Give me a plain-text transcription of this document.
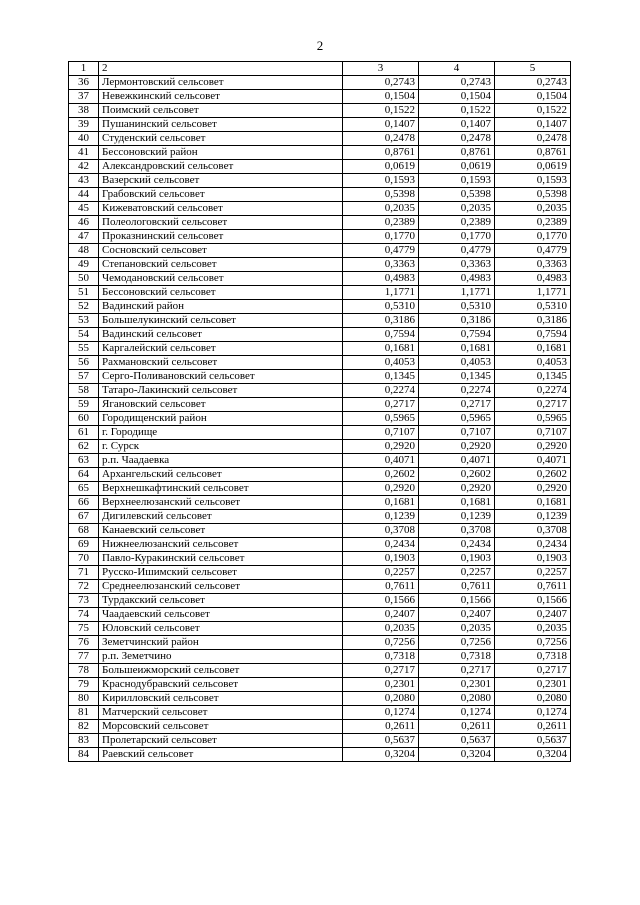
2
1	2	3	4	5
36	Лермонтовский сельсовет	0,2743	0,2743	0,2743
37	Невежкинский сельсовет	0,1504	0,1504	0,1504
38	Поимский сельсовет	0,1522	0,1522	0,1522
39	Пушанинский сельсовет	0,1407	0,1407	0,1407
40	Студенский сельсовет	0,2478	0,2478	0,2478
41	Бессоновский район	0,8761	0,8761	0,8761
42	Александровский сельсовет	0,0619	0,0619	0,0619
43	Вазерский сельсовет	0,1593	0,1593	0,1593
44	Грабовский сельсовет	0,5398	0,5398	0,5398
45	Кижеватовский сельсовет	0,2035	0,2035	0,2035
46	Полеологовский сельсовет	0,2389	0,2389	0,2389
47	Проказнинский сельсовет	0,1770	0,1770	0,1770
48	Сосновский сельсовет	0,4779	0,4779	0,4779
49	Степановский сельсовет	0,3363	0,3363	0,3363
50	Чемодановский сельсовет	0,4983	0,4983	0,4983
51	Бессоновский сельсовет	1,1771	1,1771	1,1771
52	Вадинский район	0,5310	0,5310	0,5310
53	Большелукинский сельсовет	0,3186	0,3186	0,3186
54	Вадинский сельсовет	0,7594	0,7594	0,7594
55	Каргалейский сельсовет	0,1681	0,1681	0,1681
56	Рахмановский сельсовет	0,4053	0,4053	0,4053
57	Серго-Поливановский сельсовет	0,1345	0,1345	0,1345
58	Татаро-Лакинский сельсовет	0,2274	0,2274	0,2274
59	Ягановский сельсовет	0,2717	0,2717	0,2717
60	Городищенский район	0,5965	0,5965	0,5965
61	г. Городище	0,7107	0,7107	0,7107
62	г. Сурск	0,2920	0,2920	0,2920
63	р.п. Чаадаевка	0,4071	0,4071	0,4071
64	Архангельский сельсовет	0,2602	0,2602	0,2602
65	Верхнешкафтинский сельсовет	0,2920	0,2920	0,2920
66	Верхнеелюзанский сельсовет	0,1681	0,1681	0,1681
67	Дигилевский сельсовет	0,1239	0,1239	0,1239
68	Канаевский сельсовет	0,3708	0,3708	0,3708
69	Нижнеелюзанский сельсовет	0,2434	0,2434	0,2434
70	Павло-Куракинский сельсовет	0,1903	0,1903	0,1903
71	Русско-Ишимский сельсовет	0,2257	0,2257	0,2257
72	Среднеелюзанский сельсовет	0,7611	0,7611	0,7611
73	Турдакский сельсовет	0,1566	0,1566	0,1566
74	Чаадаевский сельсовет	0,2407	0,2407	0,2407
75	Юловский сельсовет	0,2035	0,2035	0,2035
76	Земетчинский район	0,7256	0,7256	0,7256
77	р.п. Земетчино	0,7318	0,7318	0,7318
78	Большеижморский сельсовет	0,2717	0,2717	0,2717
79	Краснодубравский сельсовет	0,2301	0,2301	0,2301
80	Кирилловский сельсовет	0,2080	0,2080	0,2080
81	Матчерский сельсовет	0,1274	0,1274	0,1274
82	Морсовский сельсовет	0,2611	0,2611	0,2611
83	Пролетарский сельсовет	0,5637	0,5637	0,5637
84	Раевский сельсовет	0,3204	0,3204	0,3204
